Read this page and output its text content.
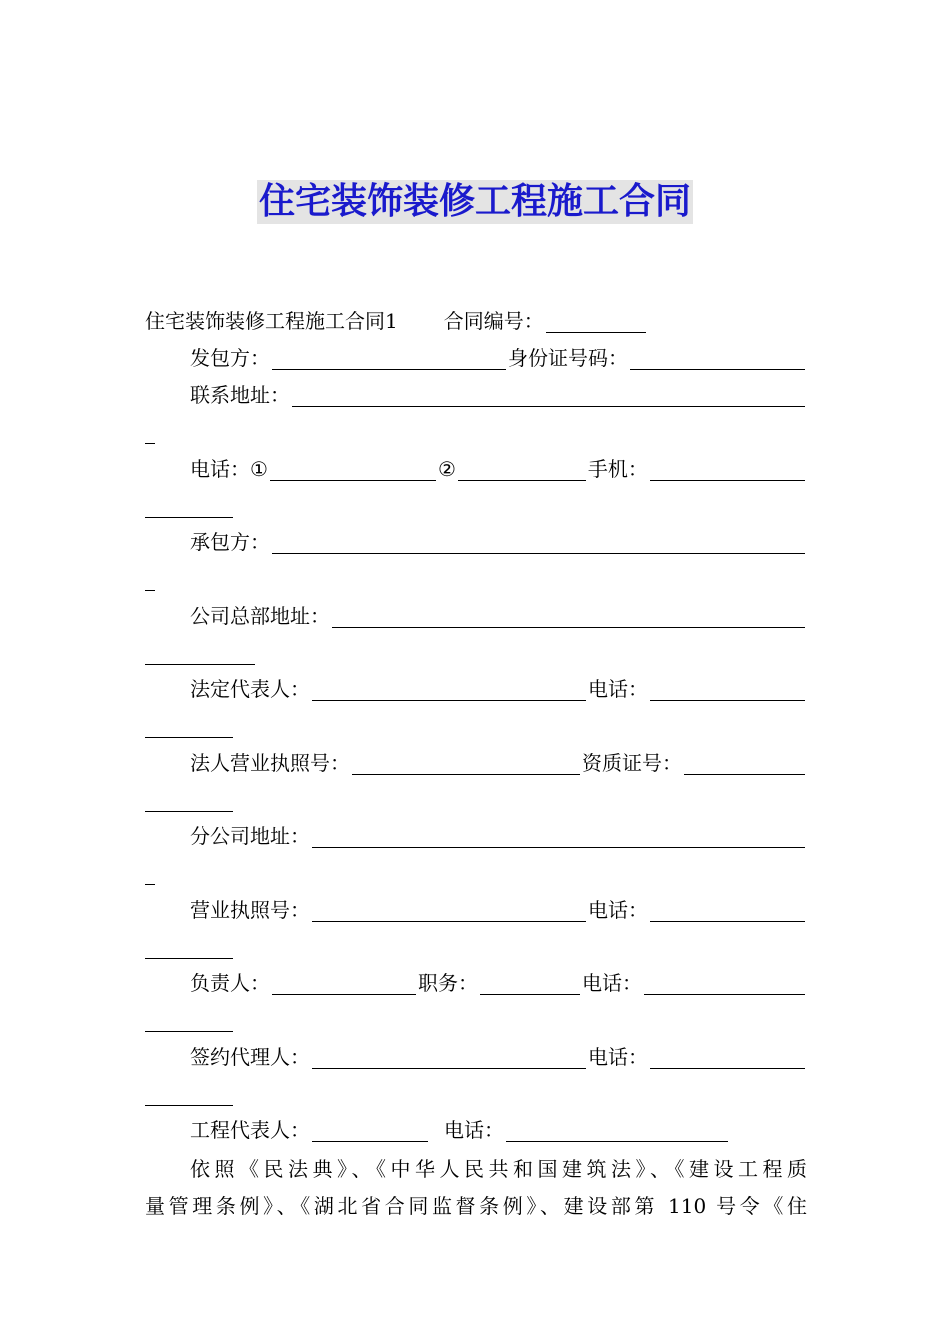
住宅装饰装修工程施工合同
住宅装饰装修工程施工合同1 合同编号：
发包方：	身份证号码：
联系地址：
电话： ①	②	手机：
承包方：
公司总部地址：
法定代表人：	电话：
法人营业执照号：	资质证号：
分公司地址：
营业执照号：	电话：
负责人：	职务：	电话：
签约代理人：	电话：
工程代表人：	电话：

依照《民法典》、《中华人民共和国建筑法》、《建设工程质

量管理条例》、《湖北省合同监督条例》、建设部第 110 号令《住
